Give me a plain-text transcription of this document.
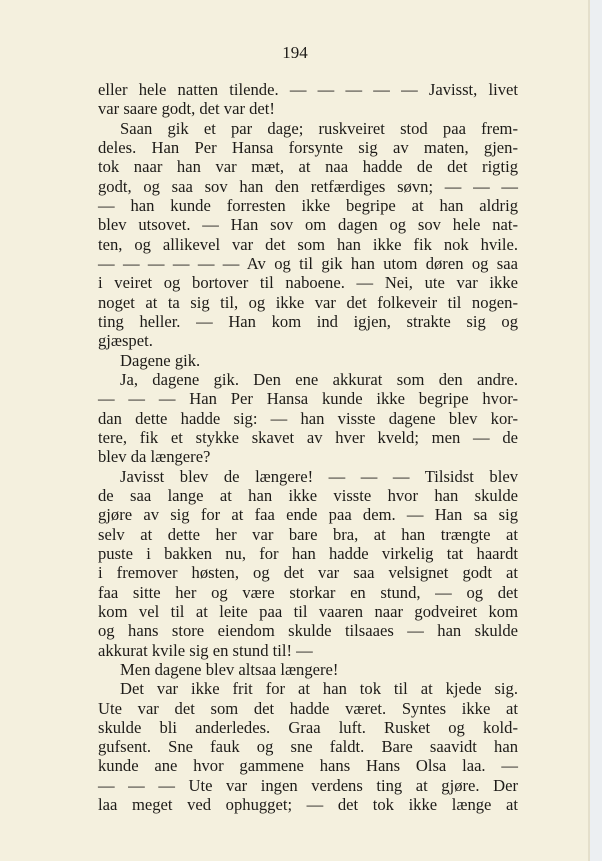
194
eller hele natten tilende. — — — — — Javisst, livet
var saare godt, det var det!
Saan gik et par dage; ruskveiret stod paa frem-
deles. Han Per Hansa forsynte sig av maten, gjen-
tok naar han var mæt, at naa hadde de det rigtig
godt, og saa sov han den retfærdiges søvn; — — —
— han kunde forresten ikke begripe at han aldrig
blev utsovet. — Han sov om dagen og sov hele nat-
ten, og allikevel var det som han ikke fik nok hvile.
— — — — — — Av og til gik han utom døren og saa
i veiret og bortover til naboene. — Nei, ute var ikke
noget at ta sig til, og ikke var det folkeveir til nogen-
ting heller. — Han kom ind igjen, strakte sig og
gjæspet.
Dagene gik.
Ja, dagene gik. Den ene akkurat som den andre.
— — — Han Per Hansa kunde ikke begripe hvor-
dan dette hadde sig: — han visste dagene blev kor-
tere, fik et stykke skavet av hver kveld; men — de
blev da længere?
Javisst blev de længere! — — — Tilsidst blev
de saa lange at han ikke visste hvor han skulde
gjøre av sig for at faa ende paa dem. — Han sa sig
selv at dette her var bare bra, at han trængte at
puste i bakken nu, for han hadde virkelig tat haardt
i fremover høsten, og det var saa velsignet godt at
faa sitte her og være storkar en stund, — og det
kom vel til at leite paa til vaaren naar godveiret kom
og hans store eiendom skulde tilsaaes — han skulde
akkurat kvile sig en stund til! —
Men dagene blev altsaa længere!
Det var ikke frit for at han tok til at kjede sig.
Ute var det som det hadde været. Syntes ikke at
skulde bli anderledes. Graa luft. Rusket og kold-
gufsent. Sne fauk og sne faldt. Bare saavidt han
kunde ane hvor gammene hans Hans Olsa laa. —
— — — Ute var ingen verdens ting at gjøre. Der
laa meget ved ophugget; — det tok ikke længe at
